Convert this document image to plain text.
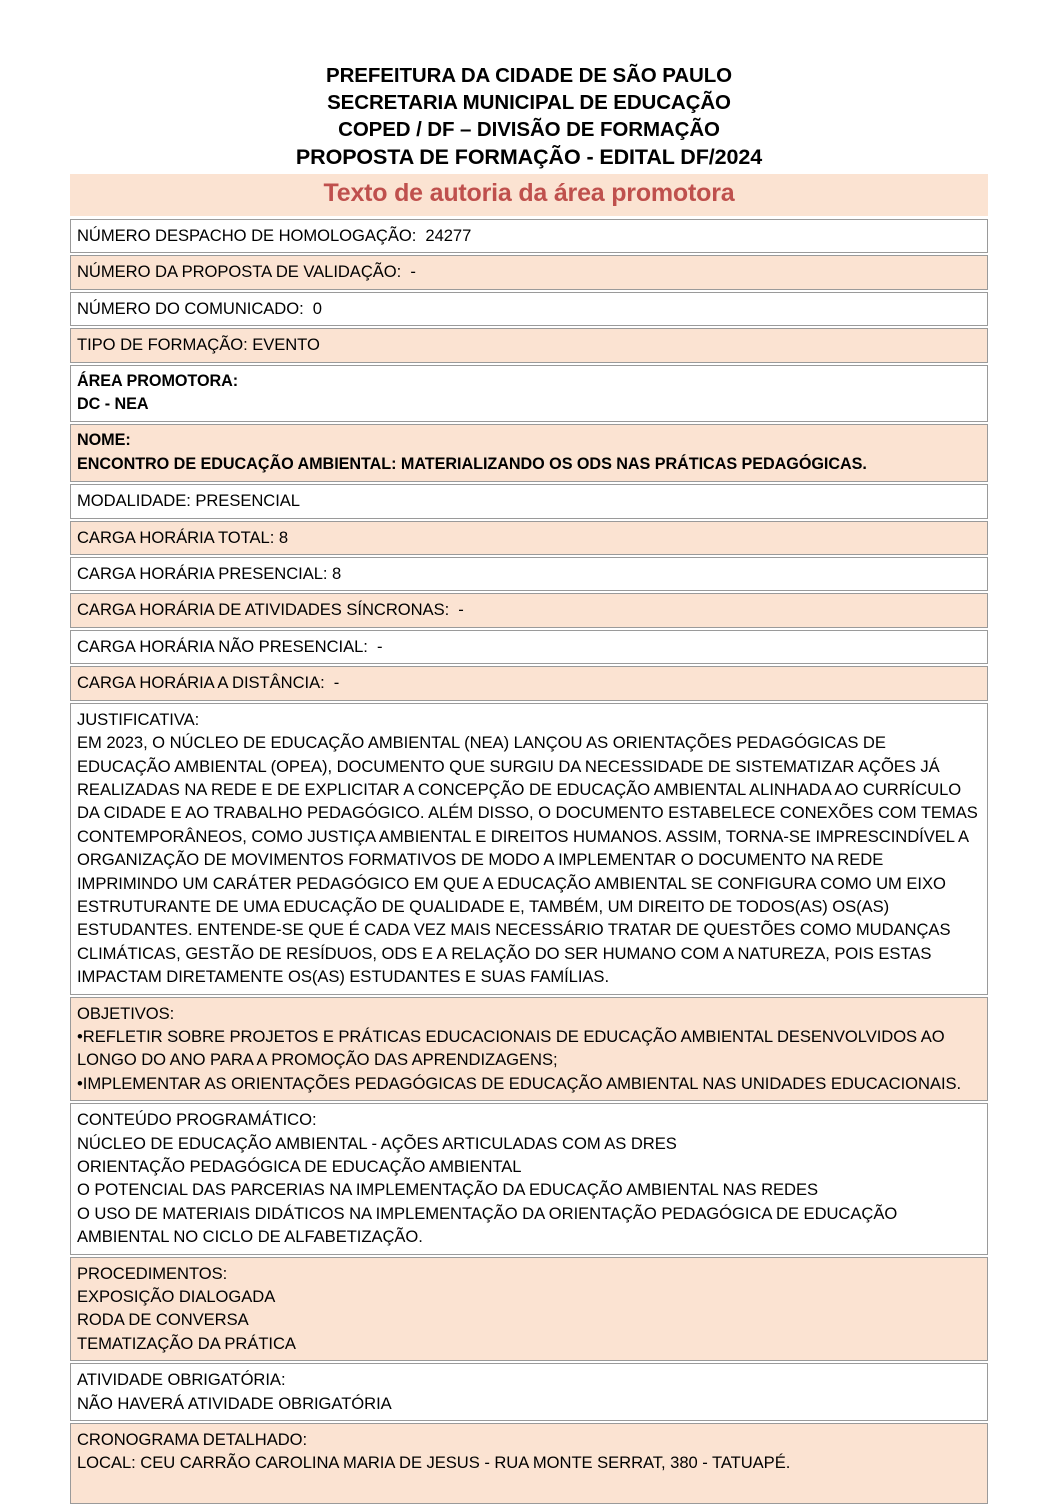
PREFEITURA DA CIDADE DE SÃO PAULO
SECRETARIA MUNICIPAL DE EDUCAÇÃO
COPED / DF – DIVISÃO DE FORMAÇÃO
PROPOSTA DE FORMAÇÃO - EDITAL DF/2024
Texto de autoria da área promotora
NÚMERO DESPACHO DE HOMOLOGAÇÃO:  24277

NÚMERO DA PROPOSTA DE VALIDAÇÃO:  -

NÚMERO DO COMUNICADO:  0

TIPO DE FORMAÇÃO: EVENTO

ÁREA PROMOTORA:
DC - NEA

NOME:
ENCONTRO DE EDUCAÇÃO AMBIENTAL: MATERIALIZANDO OS ODS NAS PRÁTICAS PEDAGÓGICAS.

MODALIDADE: PRESENCIAL

CARGA HORÁRIA TOTAL: 8

CARGA HORÁRIA PRESENCIAL: 8

CARGA HORÁRIA DE ATIVIDADES SÍNCRONAS:  -

CARGA HORÁRIA NÃO PRESENCIAL:  -

CARGA HORÁRIA A DISTÂNCIA:  -

JUSTIFICATIVA:
EM 2023, O NÚCLEO DE EDUCAÇÃO AMBIENTAL (NEA) LANÇOU AS ORIENTAÇÕES PEDAGÓGICAS DE EDUCAÇÃO AMBIENTAL (OPEA), DOCUMENTO QUE SURGIU DA NECESSIDADE DE SISTEMATIZAR AÇÕES JÁ REALIZADAS NA REDE E DE EXPLICITAR A CONCEPÇÃO DE EDUCAÇÃO AMBIENTAL ALINHADA AO CURRÍCULO DA CIDADE E AO TRABALHO PEDAGÓGICO. ALÉM DISSO, O DOCUMENTO ESTABELECE CONEXÕES COM TEMAS CONTEMPORÂNEOS, COMO JUSTIÇA AMBIENTAL E DIREITOS HUMANOS. ASSIM, TORNA-SE IMPRESCINDÍVEL A ORGANIZAÇÃO DE MOVIMENTOS FORMATIVOS DE MODO A IMPLEMENTAR O DOCUMENTO NA REDE IMPRIMINDO UM CARÁTER PEDAGÓGICO EM QUE A EDUCAÇÃO AMBIENTAL SE CONFIGURA COMO UM EIXO ESTRUTURANTE DE UMA EDUCAÇÃO DE QUALIDADE E, TAMBÉM, UM DIREITO DE TODOS(AS) OS(AS) ESTUDANTES. ENTENDE-SE QUE É CADA VEZ MAIS NECESSÁRIO TRATAR DE QUESTÕES COMO MUDANÇAS CLIMÁTICAS, GESTÃO DE RESÍDUOS, ODS E A RELAÇÃO DO SER HUMANO COM A NATUREZA, POIS ESTAS IMPACTAM DIRETAMENTE OS(AS) ESTUDANTES E SUAS FAMÍLIAS.

OBJETIVOS:
•REFLETIR SOBRE PROJETOS E PRÁTICAS EDUCACIONAIS DE EDUCAÇÃO AMBIENTAL DESENVOLVIDOS AO LONGO DO ANO PARA A PROMOÇÃO DAS APRENDIZAGENS;
•IMPLEMENTAR AS ORIENTAÇÕES PEDAGÓGICAS DE EDUCAÇÃO AMBIENTAL NAS UNIDADES EDUCACIONAIS.

CONTEÚDO PROGRAMÁTICO:
NÚCLEO DE EDUCAÇÃO AMBIENTAL - AÇÕES ARTICULADAS COM AS DRES
ORIENTAÇÃO PEDAGÓGICA DE EDUCAÇÃO AMBIENTAL
O POTENCIAL DAS PARCERIAS NA IMPLEMENTAÇÃO DA EDUCAÇÃO AMBIENTAL NAS REDES
O USO DE MATERIAIS DIDÁTICOS NA IMPLEMENTAÇÃO DA ORIENTAÇÃO PEDAGÓGICA DE EDUCAÇÃO AMBIENTAL NO CICLO DE ALFABETIZAÇÃO.

PROCEDIMENTOS:
EXPOSIÇÃO DIALOGADA
RODA DE CONVERSA
TEMATIZAÇÃO DA PRÁTICA

ATIVIDADE OBRIGATÓRIA:
NÃO HAVERÁ ATIVIDADE OBRIGATÓRIA

CRONOGRAMA DETALHADO:
LOCAL: CEU CARRÃO CAROLINA MARIA DE JESUS - RUA MONTE SERRAT, 380 - TATUAPÉ.
